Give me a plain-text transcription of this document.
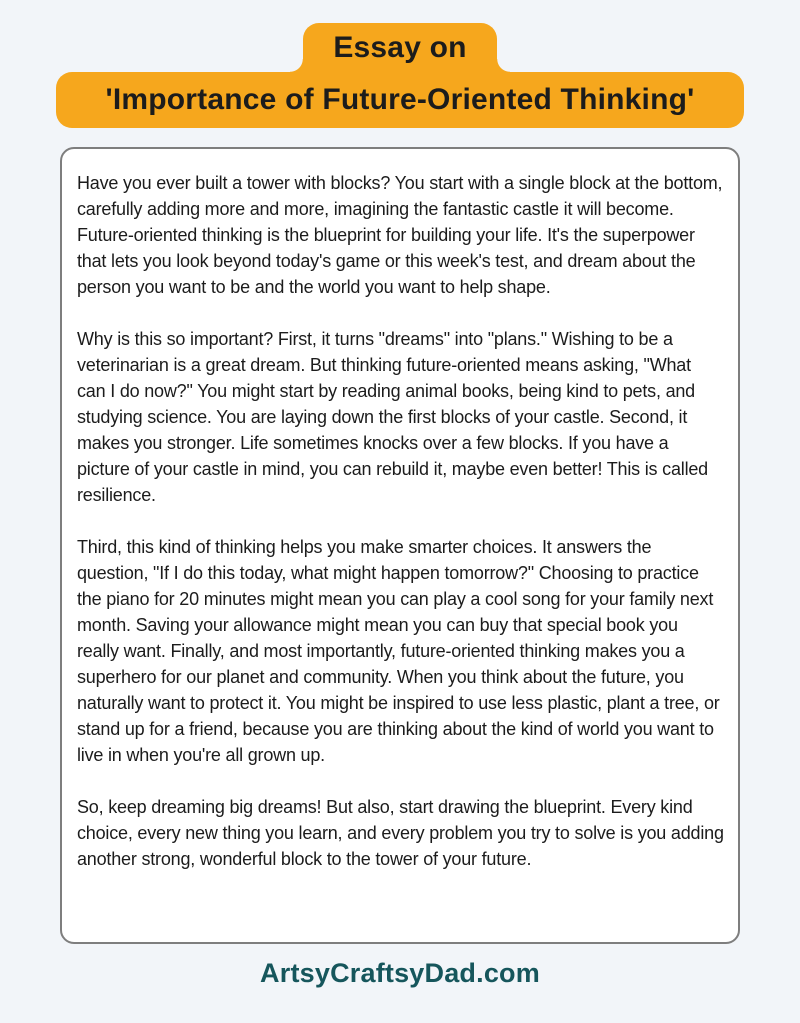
Essay on
'Importance of Future-Oriented Thinking'

Have you ever built a tower with blocks? You start with a single block at the bottom, carefully adding more and more, imagining the fantastic castle it will become. Future-oriented thinking is the blueprint for building your life. It's the superpower that lets you look beyond today's game or this week's test, and dream about the person you want to be and the world you want to help shape.

Why is this so important? First, it turns "dreams" into "plans." Wishing to be a veterinarian is a great dream. But thinking future-oriented means asking, "What can I do now?" You might start by reading animal books, being kind to pets, and studying science. You are laying down the first blocks of your castle. Second, it makes you stronger. Life sometimes knocks over a few blocks. If you have a picture of your castle in mind, you can rebuild it, maybe even better! This is called resilience.

Third, this kind of thinking helps you make smarter choices. It answers the question, "If I do this today, what might happen tomorrow?" Choosing to practice the piano for 20 minutes might mean you can play a cool song for your family next month. Saving your allowance might mean you can buy that special book you really want. Finally, and most importantly, future-oriented thinking makes you a superhero for our planet and community. When you think about the future, you naturally want to protect it. You might be inspired to use less plastic, plant a tree, or stand up for a friend, because you are thinking about the kind of world you want to live in when you're all grown up.

So, keep dreaming big dreams! But also, start drawing the blueprint. Every kind choice, every new thing you learn, and every problem you try to solve is you adding another strong, wonderful block to the tower of your future.

ArtsyCraftsyDad.com
